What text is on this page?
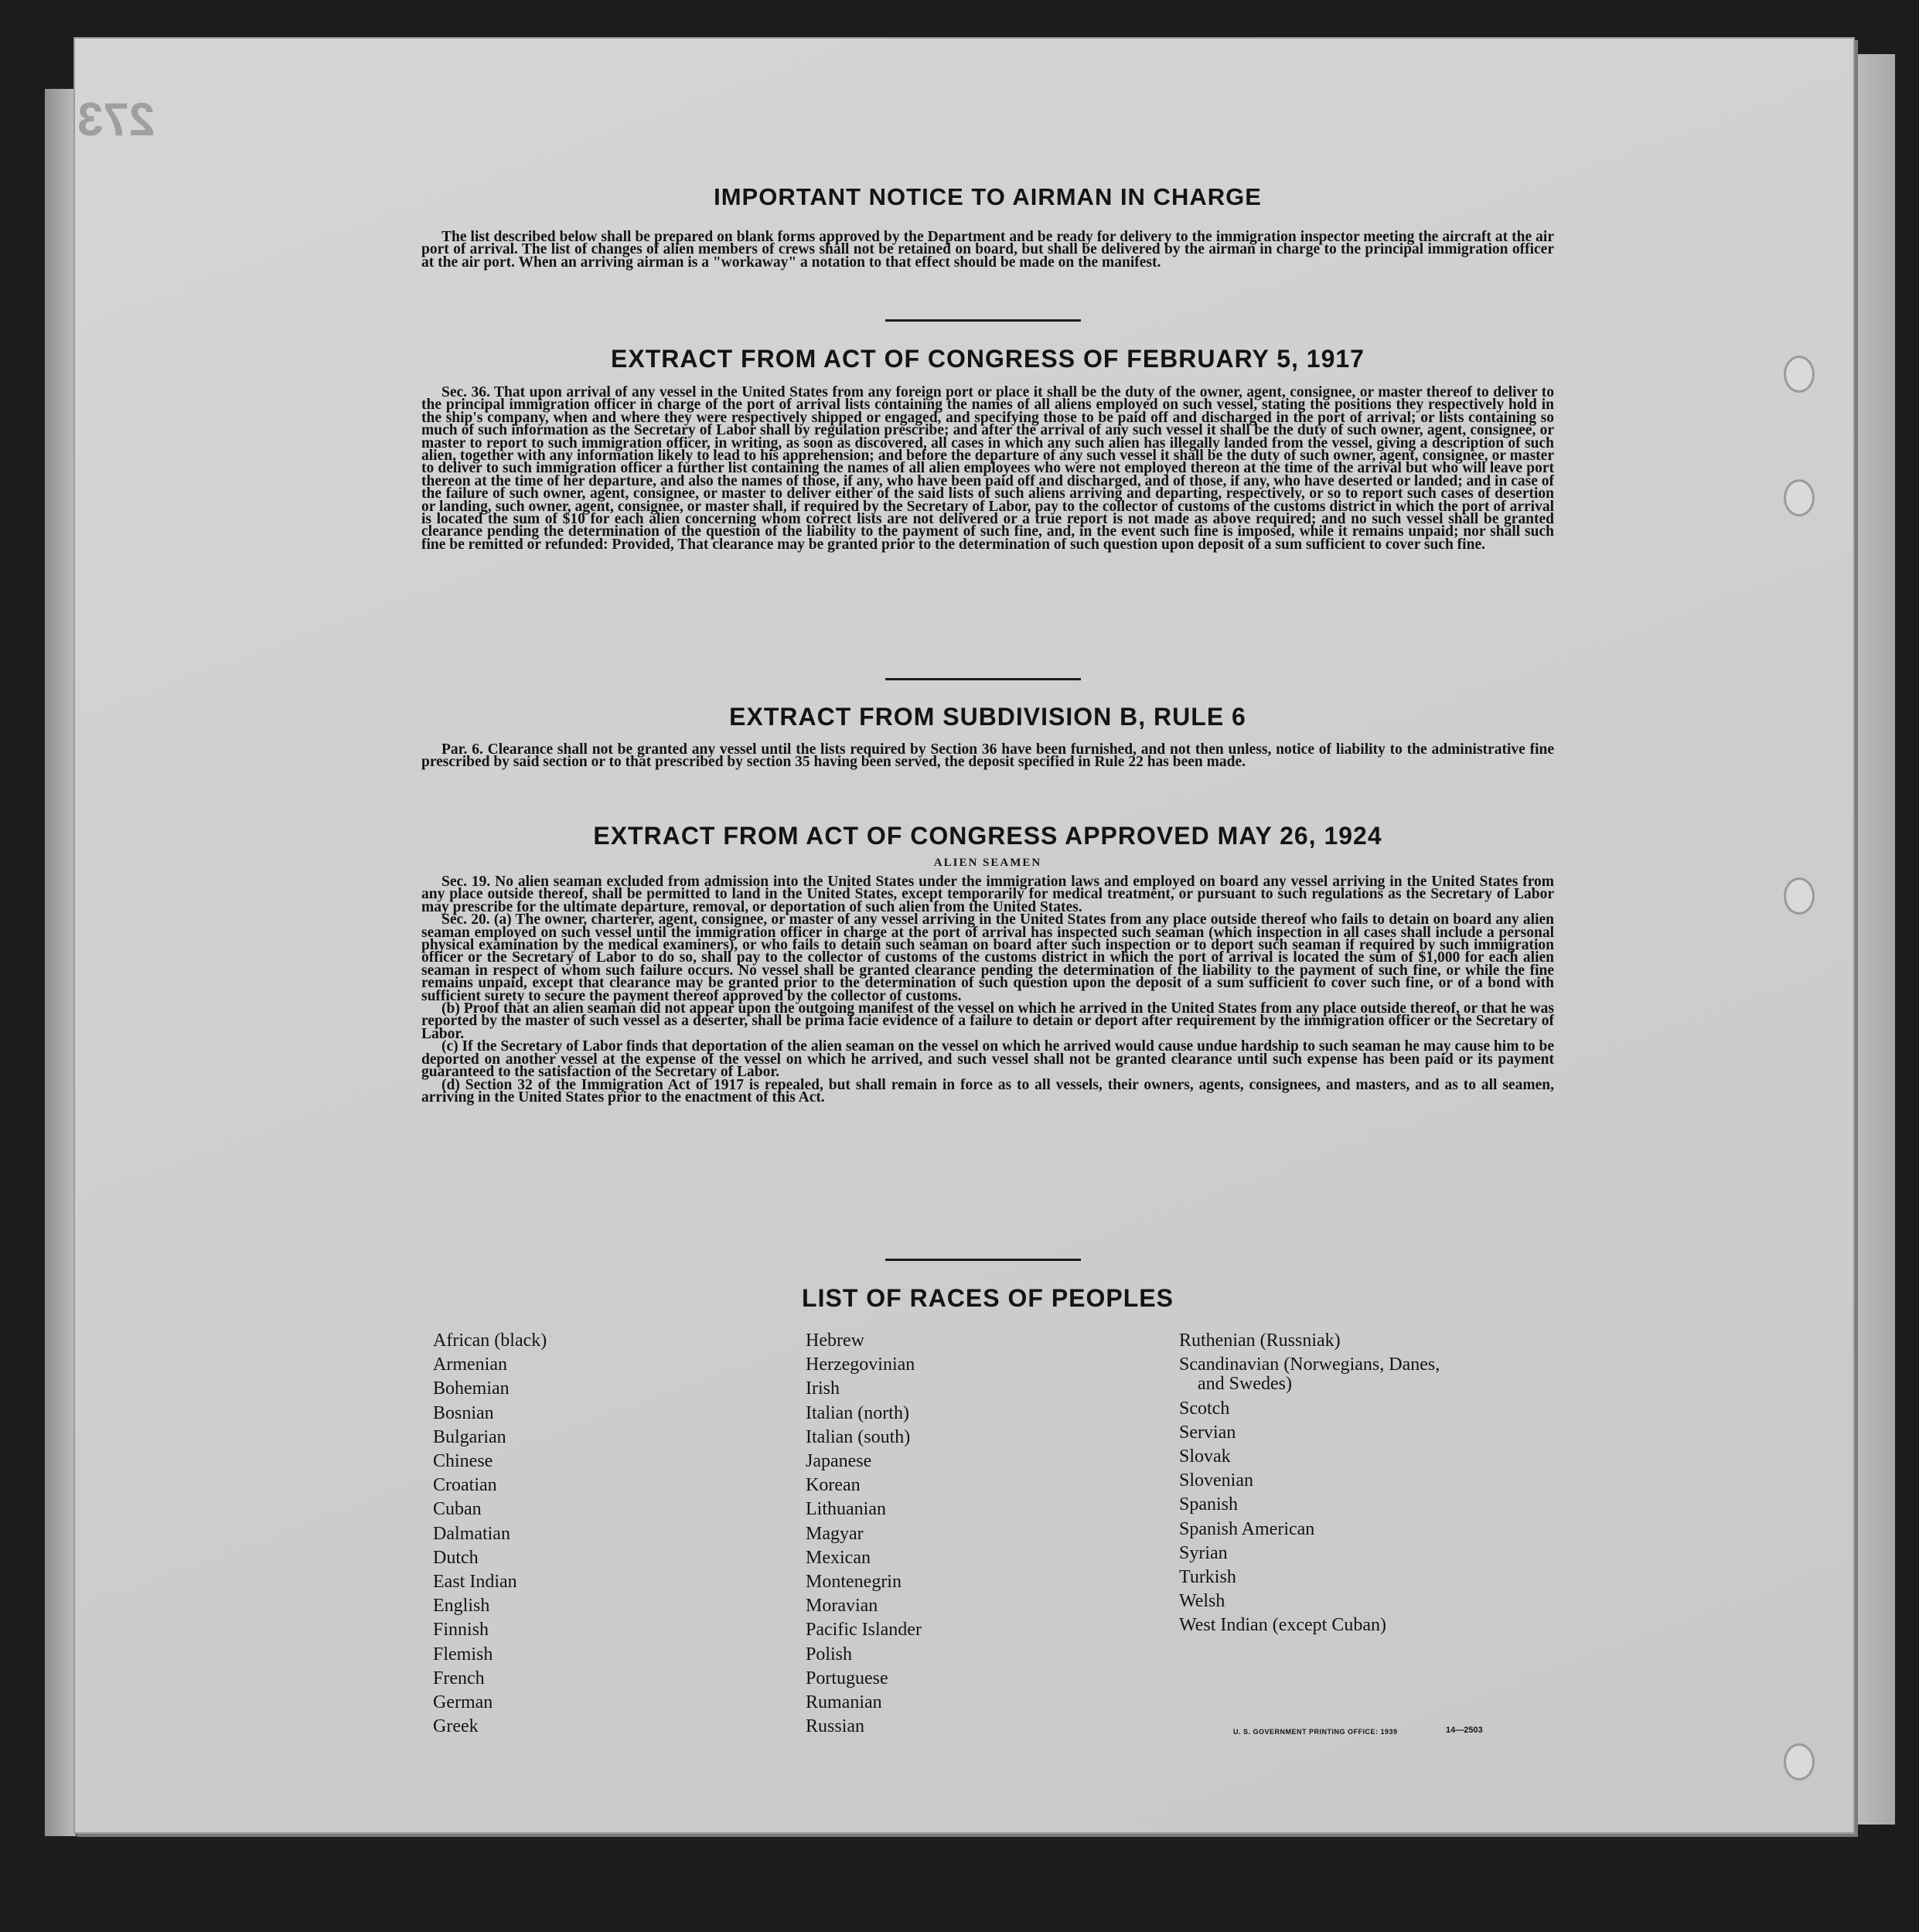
273
IMPORTANT NOTICE TO AIRMAN IN CHARGE

The list described below shall be prepared on blank forms approved by the Department and be ready for delivery to the immigration inspector meeting the aircraft at the air port of arrival. The list of changes of alien members of crews shall not be retained on board, but shall be delivered by the airman in charge to the principal immigration officer at the air port. When an arriving airman is a "workaway" a notation to that effect should be made on the manifest.

EXTRACT FROM ACT OF CONGRESS OF FEBRUARY 5, 1917

Sec. 36. That upon arrival of any vessel in the United States from any foreign port or place it shall be the duty of the owner, agent, consignee, or master thereof to deliver to the principal immigration officer in charge of the port of arrival lists containing the names of all aliens employed on such vessel, stating the positions they respectively hold in the ship's company, when and where they were respectively shipped or engaged, and specifying those to be paid off and discharged in the port of arrival; or lists containing so much of such information as the Secretary of Labor shall by regulation prescribe; and after the arrival of any such vessel it shall be the duty of such owner, agent, consignee, or master to report to such immigration officer, in writing, as soon as discovered, all cases in which any such alien has illegally landed from the vessel, giving a description of such alien, together with any information likely to lead to his apprehension; and before the departure of any such vessel it shall be the duty of such owner, agent, consignee, or master to deliver to such immigration officer a further list containing the names of all alien employees who were not employed thereon at the time of the arrival but who will leave port thereon at the time of her departure, and also the names of those, if any, who have been paid off and discharged, and of those, if any, who have deserted or landed; and in case of the failure of such owner, agent, consignee, or master to deliver either of the said lists of such aliens arriving and departing, respectively, or so to report such cases of desertion or landing, such owner, agent, consignee, or master shall, if required by the Secretary of Labor, pay to the collector of customs of the customs district in which the port of arrival is located the sum of $10 for each alien concerning whom correct lists are not delivered or a true report is not made as above required; and no such vessel shall be granted clearance pending the determination of the question of the liability to the payment of such fine, and, in the event such fine is imposed, while it remains unpaid; nor shall such fine be remitted or refunded: Provided, That clearance may be granted prior to the determination of such question upon deposit of a sum sufficient to cover such fine.

EXTRACT FROM SUBDIVISION B, RULE 6

Par. 6. Clearance shall not be granted any vessel until the lists required by Section 36 have been furnished, and not then unless, notice of liability to the administrative fine prescribed by said section or to that prescribed by section 35 having been served, the deposit specified in Rule 22 has been made.

EXTRACT FROM ACT OF CONGRESS APPROVED MAY 26, 1924
ALIEN SEAMEN

Sec. 19. No alien seaman excluded from admission into the United States under the immigration laws and employed on board any vessel arriving in the United States from any place outside thereof, shall be permitted to land in the United States, except temporarily for medical treatment, or pursuant to such regulations as the Secretary of Labor may prescribe for the ultimate departure, removal, or deportation of such alien from the United States.

Sec. 20. (a) The owner, charterer, agent, consignee, or master of any vessel arriving in the United States from any place outside thereof who fails to detain on board any alien seaman employed on such vessel until the immigration officer in charge at the port of arrival has inspected such seaman (which inspection in all cases shall include a personal physical examination by the medical examiners), or who fails to detain such seaman on board after such inspection or to deport such seaman if required by such immigration officer or the Secretary of Labor to do so, shall pay to the collector of customs of the customs district in which the port of arrival is located the sum of $1,000 for each alien seaman in respect of whom such failure occurs. No vessel shall be granted clearance pending the determination of the liability to the payment of such fine, or while the fine remains unpaid, except that clearance may be granted prior to the determination of such question upon the deposit of a sum sufficient to cover such fine, or of a bond with sufficient surety to secure the payment thereof approved by the collector of customs.

(b) Proof that an alien seaman did not appear upon the outgoing manifest of the vessel on which he arrived in the United States from any place outside thereof, or that he was reported by the master of such vessel as a deserter, shall be prima facie evidence of a failure to detain or deport after requirement by the immigration officer or the Secretary of Labor.

(c) If the Secretary of Labor finds that deportation of the alien seaman on the vessel on which he arrived would cause undue hardship to such seaman he may cause him to be deported on another vessel at the expense of the vessel on which he arrived, and such vessel shall not be granted clearance until such expense has been paid or its payment guaranteed to the satisfaction of the Secretary of Labor.

(d) Section 32 of the Immigration Act of 1917 is repealed, but shall remain in force as to all vessels, their owners, agents, consignees, and masters, and as to all seamen, arriving in the United States prior to the enactment of this Act.

LIST OF RACES OF PEOPLES
African (black)
Armenian
Bohemian
Bosnian
Bulgarian
Chinese
Croatian
Cuban
Dalmatian
Dutch
East Indian
English
Finnish
Flemish
French
German
Greek
Hebrew
Herzegovinian
Irish
Italian (north)
Italian (south)
Japanese
Korean
Lithuanian
Magyar
Mexican
Montenegrin
Moravian
Pacific Islander
Polish
Portuguese
Rumanian
Russian
Ruthenian (Russniak)
Scandinavian (Norwegians, Danes,
and Swedes)
Scotch
Servian
Slovak
Slovenian
Spanish
Spanish American
Syrian
Turkish
Welsh
West Indian (except Cuban)
U. S. GOVERNMENT PRINTING OFFICE: 1939	14—2503
